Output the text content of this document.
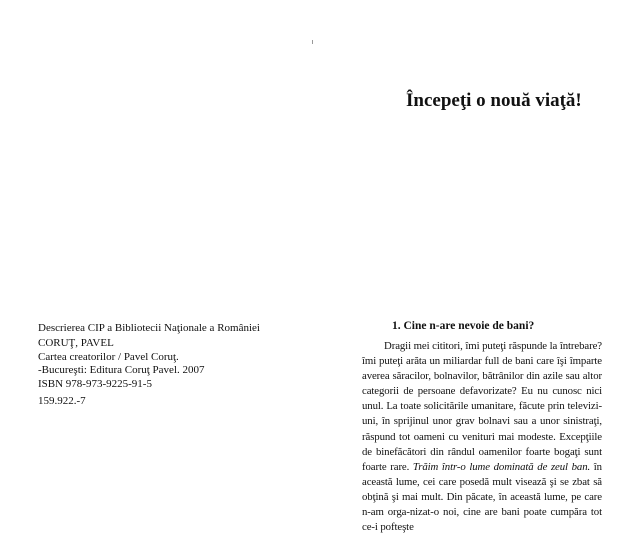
Descrierea CIP a Bibliotecii Naţionale a României
CORUŢ, PAVEL
Cartea creatorilor / Pavel Coruţ.
-Bucureşti: Editura Coruţ Pavel. 2007
ISBN 978-973-9225-91-5
159.922.-7
Începeţi o nouă viaţă!
1. Cine n-are nevoie de bani?
Dragii mei cititori, îmi puteţi răspunde la întrebare? îmi puteţi arăta un miliardar full de bani care îşi împarte averea săracilor, bolnavilor, bătrânilor din azile sau altor categorii de persoane defavorizate? Eu nu cunosc nici unul. La toate solicitările umanitare, făcute prin televizi-uni, în sprijinul unor grav bolnavi sau a unor sinistraţi, răspund tot oameni cu venituri mai modeste. Excepţiile de binefăcători din rândul oamenilor foarte bogaţi sunt foarte rare. Trăim într-o lume dominată de zeul ban. în această lume, cei care posedă mult visează şi se zbat să obţină şi mai mult. Din păcate, în această lume, pe care n-am orga-nizat-o noi, cine are bani poate cumpăra tot ce-i pofteşte
